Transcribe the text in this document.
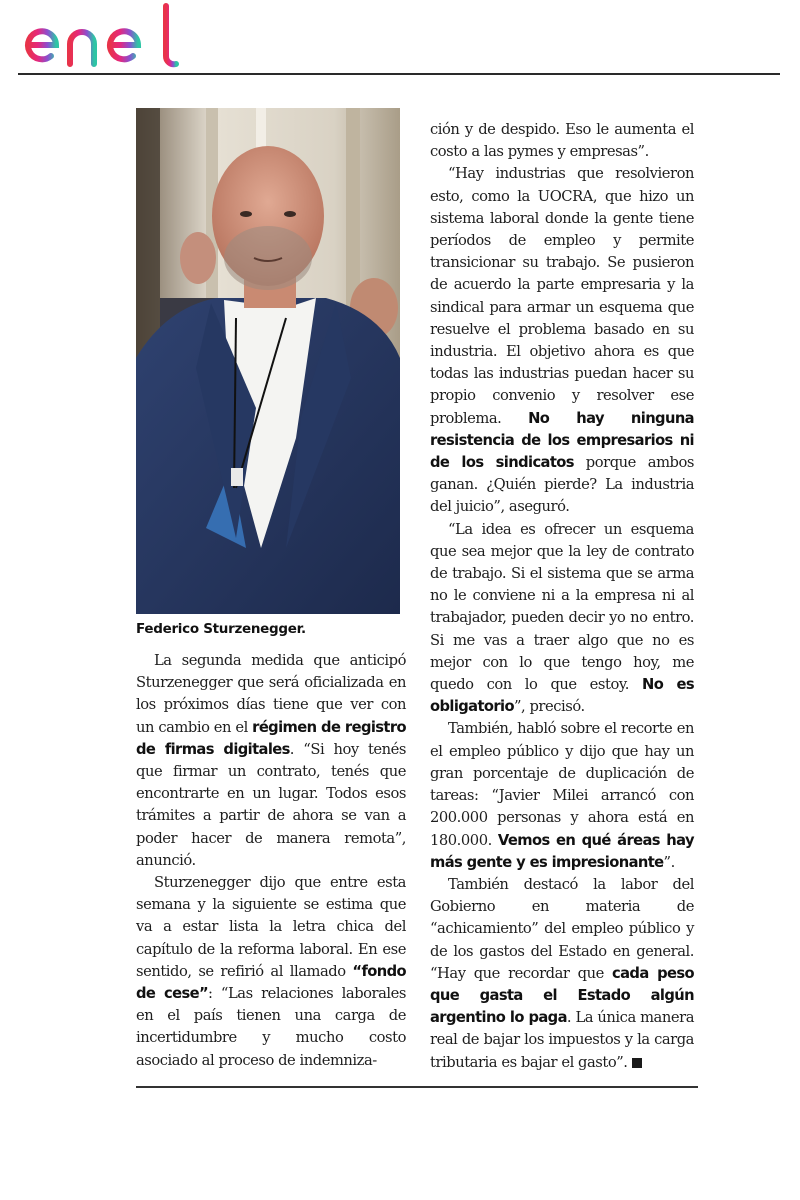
Federico Sturzenegger.

La segunda medida que anticipó Sturzenegger que será oficializada en los próximos días tiene que ver con un cambio en el régimen de registro de firmas digitales. “Si hoy tenés que firmar un contrato, tenés que encontrarte en un lugar. Todos esos trámites a partir de ahora se van a poder hacer de manera remota”, anunció.

Sturzenegger dijo que entre esta semana y la siguiente se estima que va a estar lista la letra chica del capítulo de la reforma laboral. En ese sentido, se refirió al llamado “fondo de cese”: “Las relaciones laborales en el país tienen una carga de incertidumbre y mucho costo asociado al proceso de indemniza-

ción y de despido. Eso le aumenta el costo a las pymes y empresas”.

“Hay industrias que resolvieron esto, como la UOCRA, que hizo un sistema laboral donde la gente tiene períodos de empleo y permite transicionar su trabajo. Se pusieron de acuerdo la parte empresaria y la sindical para armar un esquema que resuelve el problema basado en su industria. El objetivo ahora es que todas las industrias puedan hacer su propio convenio y resolver ese problema. No hay ninguna resistencia de los empresarios ni de los sindicatos porque ambos ganan. ¿Quién pierde? La industria del juicio”, aseguró.

“La idea es ofrecer un esquema que sea mejor que la ley de contrato de trabajo. Si el sistema que se arma no le conviene ni a la empresa ni al trabajador, pueden decir yo no entro. Si me vas a traer algo que no es mejor con lo que tengo hoy, me quedo con lo que estoy. No es obligatorio”, precisó.

También, habló sobre el recorte en el empleo público y dijo que hay un gran porcentaje de duplicación de tareas: “Javier Milei arrancó con 200.000 personas y ahora está en 180.000. Vemos en qué áreas hay más gente y es impresionante”.

También destacó la labor del Gobierno en materia de “achicamiento” del empleo público y de los gastos del Estado en general. “Hay que recordar que cada peso que gasta el Estado algún argentino lo paga. La única manera real de bajar los impuestos y la carga tributaria es bajar el gasto”.
